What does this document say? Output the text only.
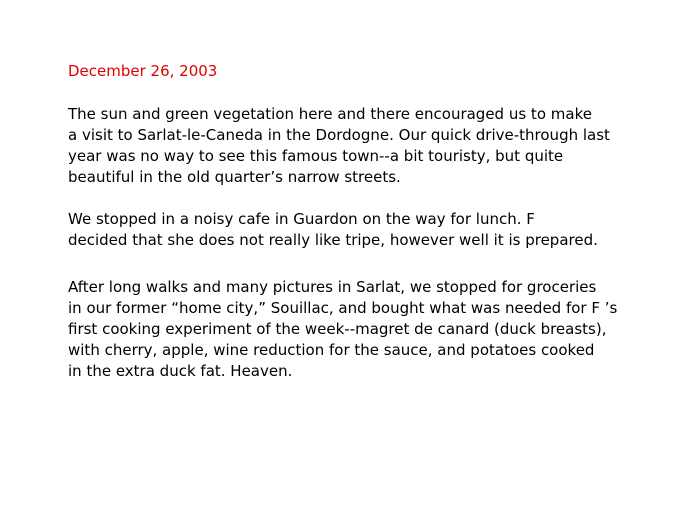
December 26, 2003

The sun and green vegetation here and there encouraged us to make
a visit to Sarlat-le-Caneda in the Dordogne. Our quick drive-through last
year was no way to see this famous town--a bit touristy, but quite
beautiful in the old quarter’s narrow streets.

We stopped in a noisy cafe in Guardon on the way for lunch. F
decided that she does not really like tripe, however well it is prepared.

After long walks and many pictures in Sarlat, we stopped for groceries
in our former “home city,” Souillac, and bought what was needed for F ’s
first cooking experiment of the week--magret de canard (duck breasts),
with cherry, apple, wine reduction for the sauce, and potatoes cooked
in the extra duck fat. Heaven.
